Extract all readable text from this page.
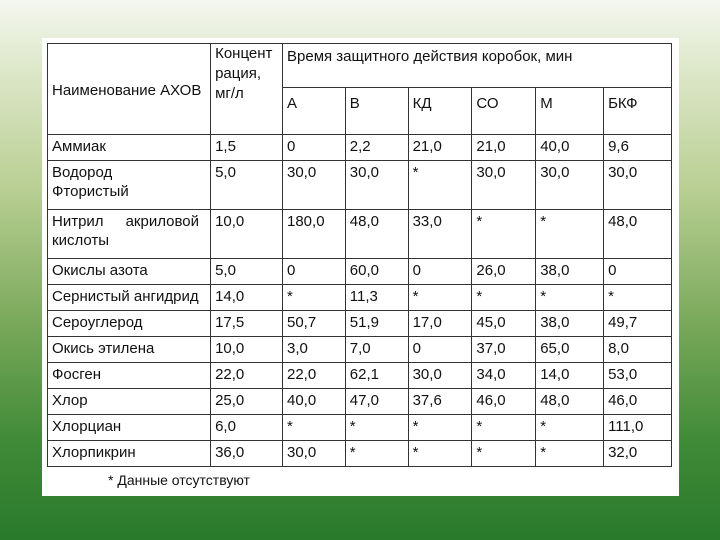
Наименование АХОВ	Концент
рация,
мг/л	Время защитного действия коробок, мин					
		А	В	КД	СО	М	БКФ
Аммиак	1,5	0	2,2	21,0	21,0	40,0	9,6

Водород
Фтористый	5,0	30,0	30,0	*	30,0	30,0	30,0

Нитрил акриловой
кислоты	10,0	180,0	48,0	33,0	*	*	48,0
Окислы азота	5,0	0	60,0	0	26,0	38,0	0
Сернистый ангидрид	14,0	*	11,3	*	*	*	*
Сероуглерод	17,5	50,7	51,9	17,0	45,0	38,0	49,7
Окись этилена	10,0	3,0	7,0	0	37,0	65,0	8,0
Фосген	22,0	22,0	62,1	30,0	34,0	14,0	53,0
Хлор	25,0	40,0	47,0	37,6	46,0	48,0	46,0
Хлорциан	6,0	*	*	*	*	*	111,0
Хлорпикрин	36,0	30,0	*	*	*	*	32,0
* Данные отсутствуют
